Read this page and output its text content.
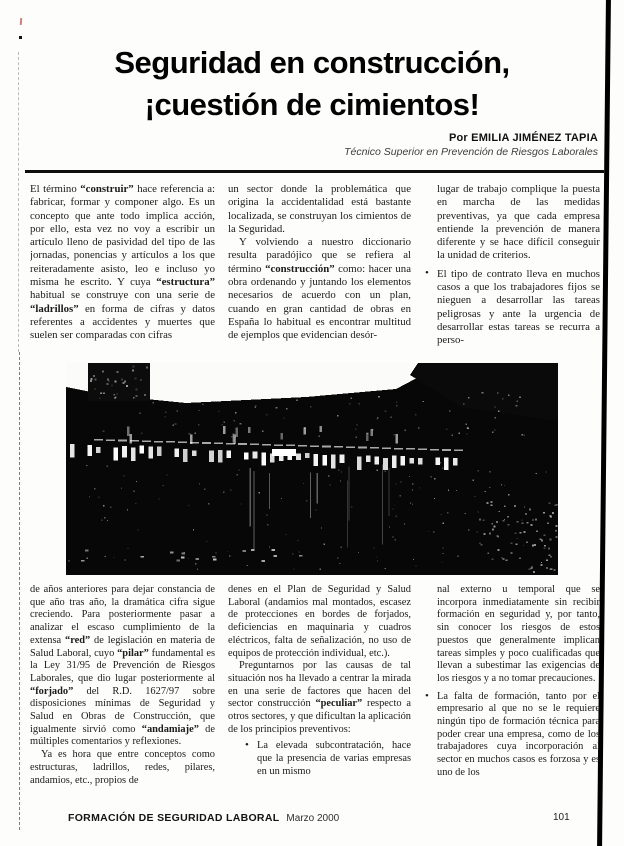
Seguridad en construcción,
¡cuestión de cimientos!
Por EMILIA JIMÉNEZ TAPIA
Técnico Superior en Prevención de Riesgos Laborales
El término “construir” hace referencia a: fabricar, formar y componer algo. Es un concepto que ante todo implica acción, por ello, esta vez no voy a escribir un artículo lleno de pasividad del tipo de las jornadas, ponencias y artículos a los que reiteradamente asisto, leo e incluso yo misma he escrito. Y cuya “estructura” habitual se construye con una serie de “ladrillos” en forma de cifras y datos referentes a accidentes y muertes que suelen ser comparadas con cifras
un sector donde la problemática que origina la accidentalidad está bastante localizada, se construyan los cimientos de la Seguridad.
Y volviendo a nuestro diccionario resulta paradójico que se refiera al término “construcción” como: hacer una obra ordenando y juntando los elementos necesarios de acuerdo con un plan, cuando en gran cantidad de obras en España lo habitual es encontrar multitud de ejemplos que evidencian desór-
lugar de trabajo complique la puesta en marcha de las medidas preventivas, ya que cada empresa entiende la prevención de manera diferente y se hace difícil conseguir la unidad de criterios.
• El tipo de contrato lleva en muchos casos a que los trabajadores fijos se nieguen a desarrollar las tareas peligrosas y ante la urgencia de desarrollar estas tareas se recurra a perso-
de años anteriores para dejar constancia de que año tras año, la dramática cifra sigue creciendo. Para posteriormente pasar a analizar el escaso cumplimiento de la extensa “red” de legislación en materia de Salud Laboral, cuyo “pilar” fundamental es la Ley 31/95 de Prevención de Riesgos Laborales, que dio lugar posteriormente al “forjado” del R.D. 1627/97 sobre disposiciones mínimas de Seguridad y Salud en Obras de Construcción, que igualmente sirvió como “andamiaje” de múltiples comentarios y reflexiones.
Ya es hora que entre conceptos como estructuras, ladrillos, redes, pilares, andamios, etc., propios de
denes en el Plan de Seguridad y Salud Laboral (andamios mal montados, escasez de protecciones en bordes de forjados, deficiencias en maquinaria y cuadros eléctricos, falta de señalización, no uso de equipos de protección individual, etc.).
Preguntarnos por las causas de tal situación nos ha llevado a centrar la mirada en una serie de factores que hacen del sector construcción “peculiar” respecto a otros sectores, y que dificultan la aplicación de los principios preventivos:
• La elevada subcontratación, hace que la presencia de varias empresas en un mismo
nal externo u temporal que se incorpora inmediatamente sin recibir formación en seguridad y, por tanto, sin conocer los riesgos de estos puestos que generalmente implican tareas simples y poco cualificadas que llevan a subestimar las exigencias de los riesgos y a no tomar precauciones.
• La falta de formación, tanto por el empresario al que no se le requiere ningún tipo de formación técnica para poder crear una empresa, como de los trabajadores cuya incorporación al sector en muchos casos es forzosa y es uno de los
FORMACIÓN DE SEGURIDAD LABORAL Marzo 2000	101
